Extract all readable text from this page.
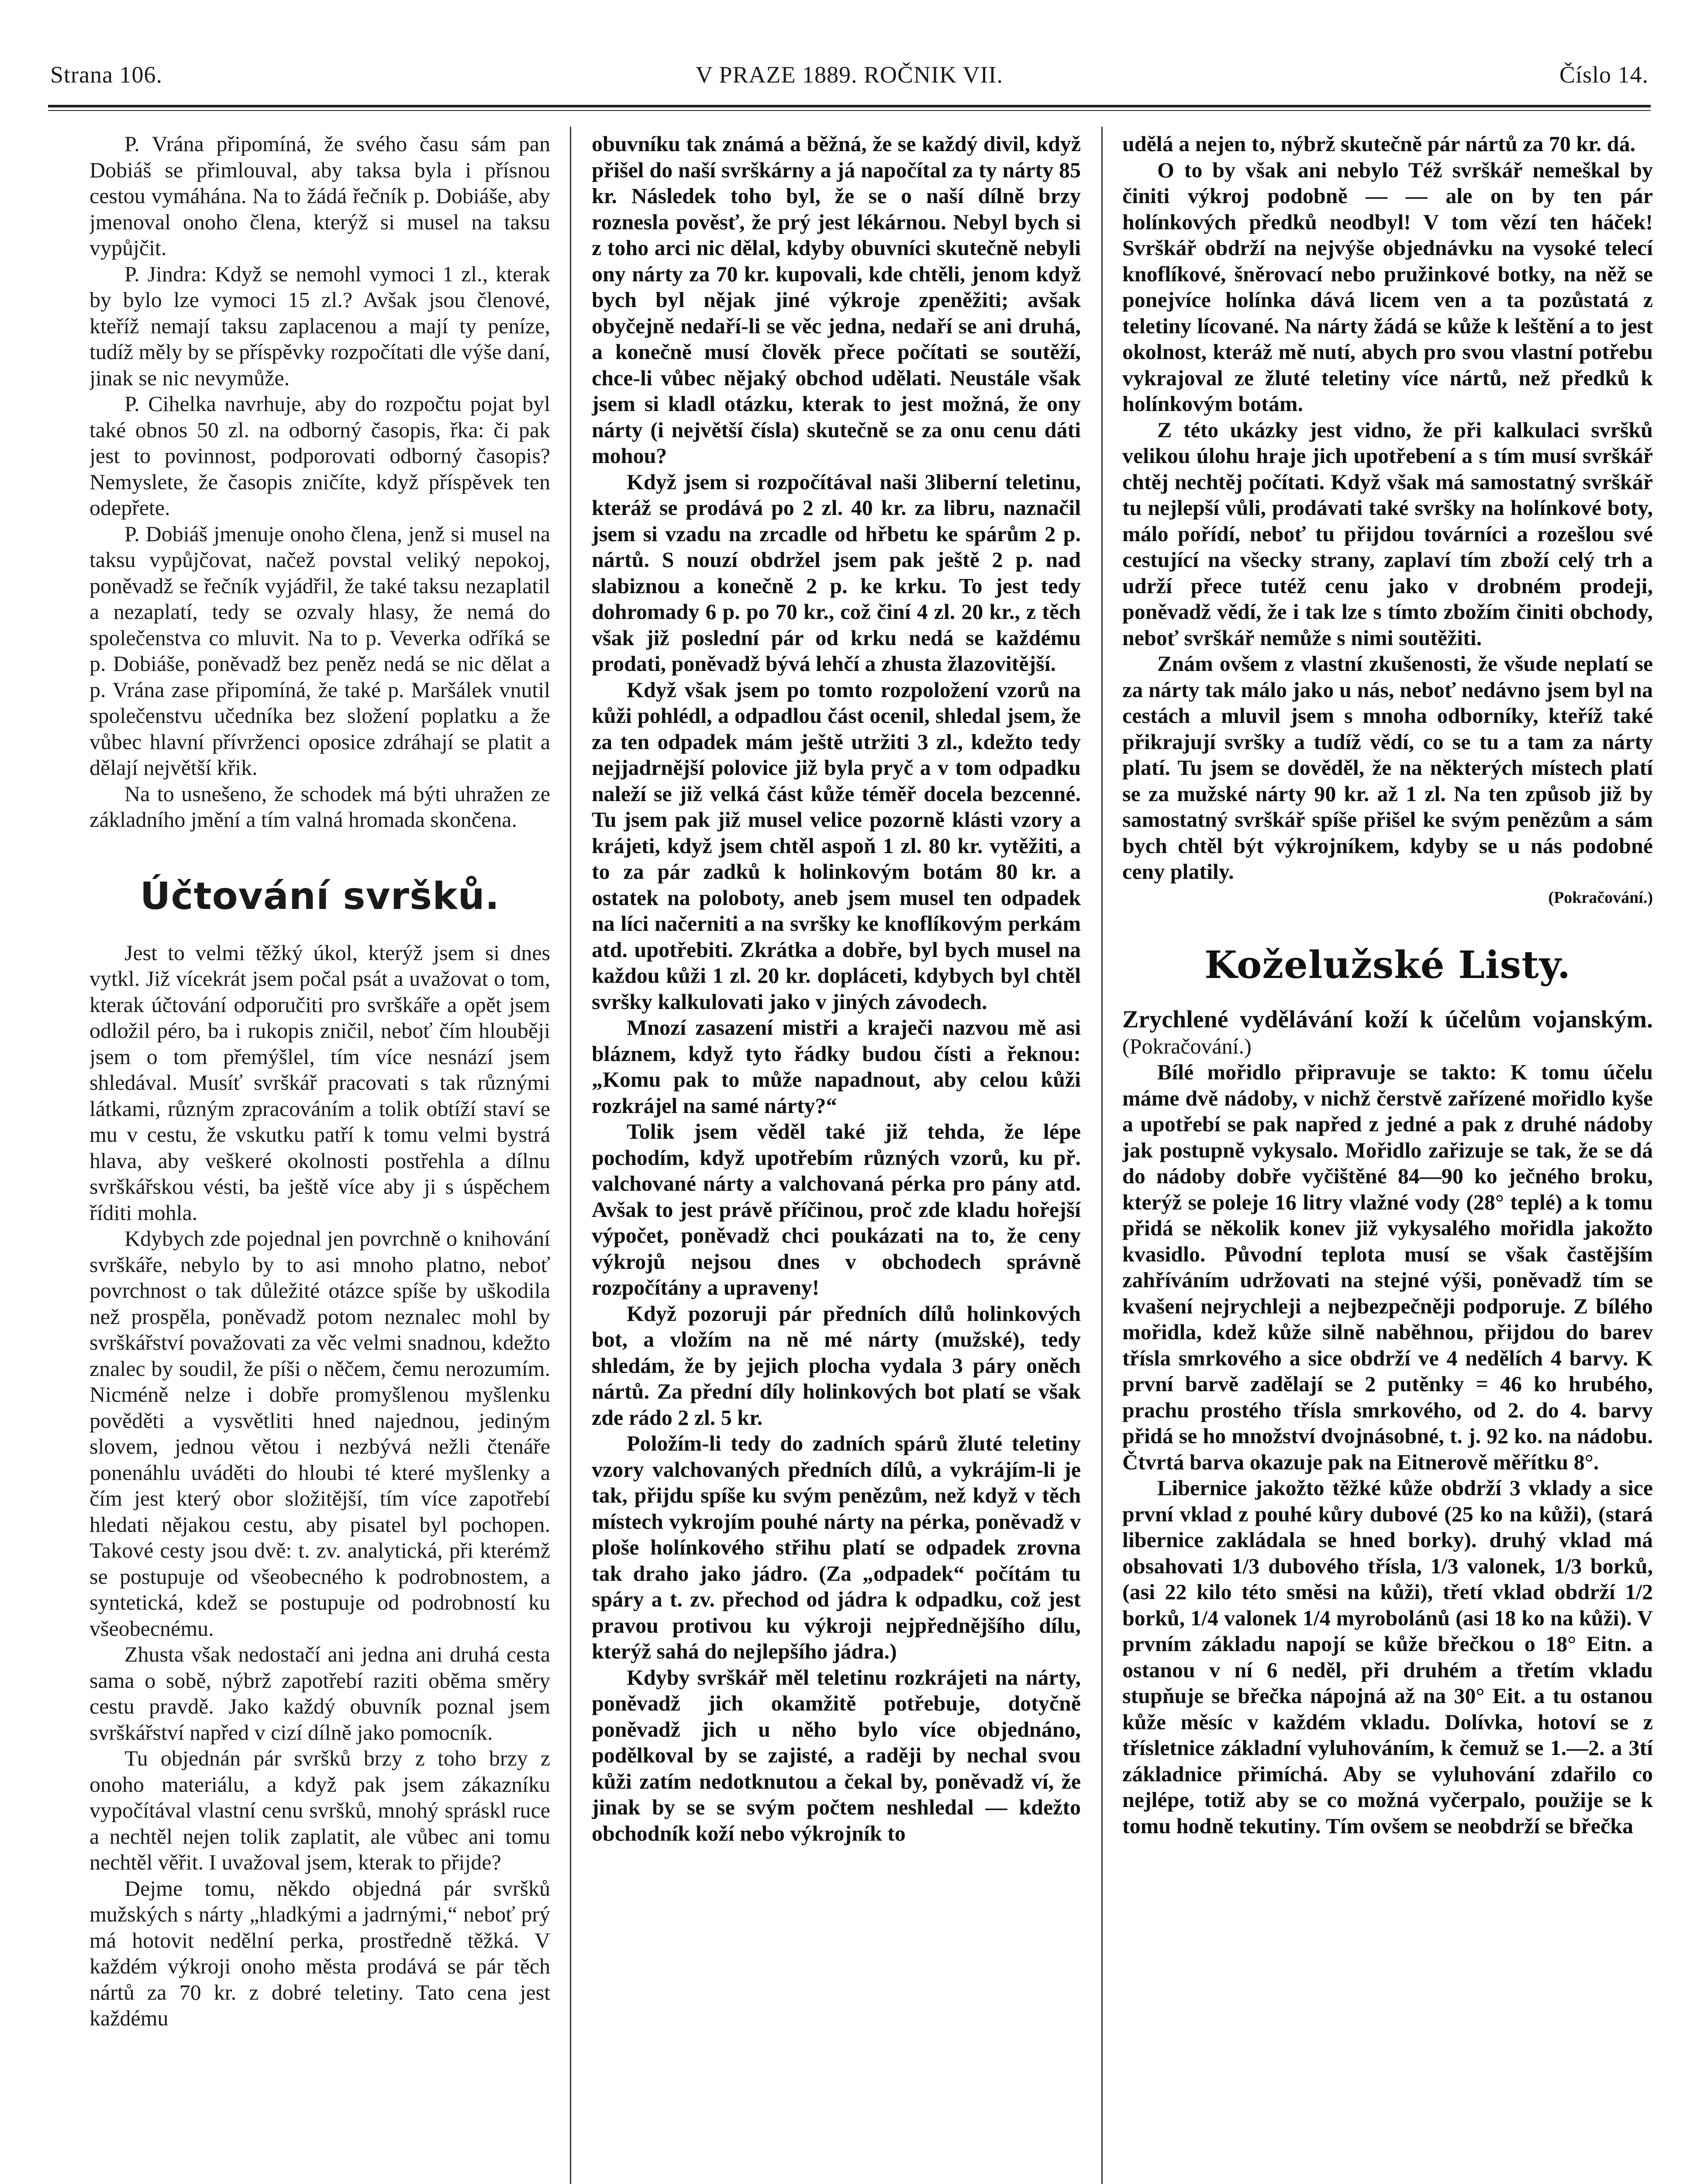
Strana 106.	V PRAZE 1889. ROČNIK VII.	Číslo 14.

P. Vrána připomíná, že svého času sám pan Dobiáš se přimlouval, aby taksa byla i přísnou cestou vymáhána. Na to žádá řečník p. Dobiáše, aby jmenoval onoho člena, kterýž si musel na taksu vypůjčit.

P. Jindra: Když se nemohl vymoci 1 zl., kterak by bylo lze vymoci 15 zl.? Avšak jsou členové, kteříž nemají taksu zaplacenou a mají ty peníze, tudíž měly by se příspěvky rozpočítati dle výše daní, jinak se nic nevymůže.

P. Cihelka navrhuje, aby do rozpočtu pojat byl také obnos 50 zl. na odborný časopis, řka: či pak jest to povinnost, podporovati odborný časopis? Nemyslete, že časopis zničíte, když příspěvek ten odepřete.

P. Dobiáš jmenuje onoho člena, jenž si musel na taksu vypůjčovat, načež povstal veliký nepokoj, poněvadž se řečník vyjádřil, že také taksu nezaplatil a nezaplatí, tedy se ozvaly hlasy, že nemá do společenstva co mluvit. Na to p. Veverka odříká se p. Dobiáše, poněvadž bez peněz nedá se nic dělat a p. Vrána zase připomíná, že také p. Maršálek vnutil společenstvu učedníka bez složení poplatku a že vůbec hlavní přívrženci oposice zdráhají se platit a dělají největší křik.

Na to usnešeno, že schodek má býti uhražen ze základního jmění a tím valná hromada skončena.

Účtování svršků.

Jest to velmi těžký úkol, kterýž jsem si dnes vytkl. Již vícekrát jsem počal psát a uvažovat o tom, kterak účtování odporučiti pro svrškáře a opět jsem odložil péro, ba i rukopis zničil, neboť čím hlouběji jsem o tom přemýšlel, tím více nesnází jsem shledával. Musíť svrškář pracovati s tak různými látkami, různým zpracováním a tolik obtíží staví se mu v cestu, že vskutku patří k tomu velmi bystrá hlava, aby veškeré okolnosti postřehla a dílnu svrškářskou vésti, ba ještě více aby ji s úspěchem říditi mohla.

Kdybych zde pojednal jen povrchně o knihování svrškáře, nebylo by to asi mnoho platno, neboť povrchnost o tak důležité otázce spíše by uškodila než prospěla, poněvadž potom neznalec mohl by svrškářství považovati za věc velmi snadnou, kdežto znalec by soudil, že píši o něčem, čemu nerozumím. Nicméně nelze i dobře promyšlenou myšlenku pověděti a vysvětliti hned najednou, jediným slovem, jednou větou i nezbývá nežli čtenáře ponenáhlu uváděti do hloubi té které myšlenky a čím jest který obor složitější, tím více zapotřebí hledati nějakou cestu, aby pisatel byl pochopen. Takové cesty jsou dvě: t. zv. analytická, při kterémž se postupuje od všeobecného k podrobnostem, a syntetická, kdež se postupuje od podrobností ku všeobecnému.

Zhusta však nedostačí ani jedna ani druhá cesta sama o sobě, nýbrž zapotřebí raziti oběma směry cestu pravdě. Jako každý obuvník poznal jsem svrškářství napřed v cizí dílně jako pomocník.

Tu objednán pár svršků brzy z toho brzy z onoho materiálu, a když pak jsem zákazníku vypočítával vlastní cenu svršků, mnohý spráskl ruce a nechtěl nejen tolik zaplatit, ale vůbec ani tomu nechtěl věřit. I uvažoval jsem, kterak to přijde?

Dejme tomu, někdo objedná pár svršků mužských s nárty „hladkými a jadrnými,“ neboť prý má hotovit nedělní perka, prostředně těžká. V každém výkroji onoho města prodává se pár těch nártů za 70 kr. z dobré teletiny. Tato cena jest každému

obuvníku tak známá a běžná, že se každý divil, když přišel do naší svrškárny a já napočítal za ty nárty 85 kr. Následek toho byl, že se o naší dílně brzy roznesla pověsť, že prý jest lékárnou. Nebyl bych si z toho arci nic dělal, kdyby obuvníci skutečně nebyli ony nárty za 70 kr. kupovali, kde chtěli, jenom když bych byl nějak jiné výkroje zpeněžiti; avšak obyčejně nedaří-li se věc jedna, nedaří se ani druhá, a konečně musí člověk přece počítati se soutěží, chce-li vůbec nějaký obchod udělati. Neustále však jsem si kladl otázku, kterak to jest možná, že ony nárty (i největší čísla) skutečně se za onu cenu dáti mohou?

Když jsem si rozpočítával naši 3liberní teletinu, kteráž se prodává po 2 zl. 40 kr. za libru, naznačil jsem si vzadu na zrcadle od hřbetu ke spárům 2 p. nártů. S nouzí obdržel jsem pak ještě 2 p. nad slabiznou a konečně 2 p. ke krku. To jest tedy dohromady 6 p. po 70 kr., což činí 4 zl. 20 kr., z těch však již poslední pár od krku nedá se každému prodati, poněvadž bývá lehčí a zhusta žlazovitější.

Když však jsem po tomto rozpoložení vzorů na kůži pohlédl, a odpadlou část ocenil, shledal jsem, že za ten odpadek mám ještě utržiti 3 zl., kdežto tedy nejjadrnější polovice již byla pryč a v tom odpadku naleží se již velká část kůže téměř docela bezcenné. Tu jsem pak již musel velice pozorně klásti vzory a krájeti, když jsem chtěl aspoň 1 zl. 80 kr. vytěžiti, a to za pár zadků k holinkovým botám 80 kr. a ostatek na poloboty, aneb jsem musel ten odpadek na líci načerniti a na svršky ke knoflíkovým perkám atd. upotřebiti. Zkrátka a dobře, byl bych musel na každou kůži 1 zl. 20 kr. dopláceti, kdybych byl chtěl svršky kalkulovati jako v jiných závodech.

Mnozí zasazení mistři a kraječi nazvou mě asi bláznem, když tyto řádky budou čísti a řeknou: „Komu pak to může napadnout, aby celou kůži rozkrájel na samé nárty?“

Tolik jsem věděl také již tehda, že lépe pochodím, když upotřebím různých vzorů, ku př. valchované nárty a valchovaná pérka pro pány atd. Avšak to jest právě příčinou, proč zde kladu hořejší výpočet, poněvadž chci poukázati na to, že ceny výkrojů nejsou dnes v obchodech správně rozpočítány a upraveny!

Když pozoruji pár předních dílů holinkových bot, a vložím na ně mé nárty (mužské), tedy shledám, že by jejich plocha vydala 3 páry oněch nártů. Za přední díly holinkových bot platí se však zde rádo 2 zl. 5 kr.

Položím-li tedy do zadních spárů žluté teletiny vzory valchovaných předních dílů, a vykrájím-li je tak, přijdu spíše ku svým penězům, než když v těch místech vykrojím pouhé nárty na pérka, poněvadž v ploše holínkového střihu platí se odpadek zrovna tak draho jako jádro. (Za „odpadek“ počítám tu spáry a t. zv. přechod od jádra k odpadku, což jest pravou protivou ku výkroji nejpřednějšího dílu, kterýž sahá do nejlepšího jádra.)

Kdyby svrškář měl teletinu rozkrájeti na nárty, poněvadž jich okamžitě potřebuje, dotyčně poněvadž jich u něho bylo více objednáno, podělkoval by se zajisté, a raději by nechal svou kůži zatím nedotknutou a čekal by, poněvadž ví, že jinak by se se svým počtem neshledal — kdežto obchodník koží nebo výkrojník to

udělá a nejen to, nýbrž skutečně pár nártů za 70 kr. dá.

O to by však ani nebylo Též svrškář nemeškal by činiti výkroj podobně — — ale on by ten pár holínkových předků neodbyl! V tom vězí ten háček! Svrškář obdrží na nejvýše objednávku na vysoké telecí knoflíkové, šněrovací nebo pružinkové botky, na něž se ponejvíce holínka dává licem ven a ta pozůstatá z teletiny lícované. Na nárty žádá se kůže k leštění a to jest okolnost, kteráž mě nutí, abych pro svou vlastní potřebu vykrajoval ze žluté teletiny více nártů, než předků k holínkovým botám.

Z této ukázky jest vidno, že při kalkulaci svršků velikou úlohu hraje jich upotřebení a s tím musí svrškář chtěj nechtěj počítati. Když však má samostatný svrškář tu nejlepší vůli, prodávati také svršky na holínkové boty, málo pořídí, neboť tu přijdou továrníci a rozešlou své cestující na všecky strany, zaplaví tím zboží celý trh a udrží přece tutéž cenu jako v drobném prodeji, poněvadž vědí, že i tak lze s tímto zbožím činiti obchody, neboť svrškář nemůže s nimi soutěžiti.

Znám ovšem z vlastní zkušenosti, že všude neplatí se za nárty tak málo jako u nás, neboť nedávno jsem byl na cestách a mluvil jsem s mnoha odborníky, kteříž také přikrajují svršky a tudíž vědí, co se tu a tam za nárty platí. Tu jsem se dověděl, že na některých místech platí se za mužské nárty 90 kr. až 1 zl. Na ten způsob již by samostatný svrškář spíše přišel ke svým penězům a sám bych chtěl být výkrojníkem, kdyby se u nás podobné ceny platily.

(Pokračování.)

Koželužské Listy.

Zrychlené vydělávání koží k účelům vojanským. (Pokračování.)

Bílé mořidlo připravuje se takto: K tomu účelu máme dvě nádoby, v nichž čerstvě zařízené mořidlo kyše a upotřebí se pak napřed z jedné a pak z druhé nádoby jak postupně vykysalo. Mořidlo zařizuje se tak, že se dá do nádoby dobře vyčištěné 84—90 ko ječného broku, kterýž se poleje 16 litry vlažné vody (28° teplé) a k tomu přidá se několik konev již vykysalého mořidla jakožto kvasidlo. Původní teplota musí se však častějším zahříváním udržovati na stejné výši, poněvadž tím se kvašení nejrychleji a nejbezpečněji podporuje. Z bílého mořidla, kdež kůže silně naběhnou, přijdou do barev třísla smrkového a sice obdrží ve 4 nedělích 4 barvy. K první barvě zadělají se 2 putěnky = 46 ko hrubého, prachu prostého třísla smrkového, od 2. do 4. barvy přidá se ho množství dvojnásobné, t. j. 92 ko. na nádobu. Čtvrtá barva okazuje pak na Eitnerově měřítku 8°.

Libernice jakožto těžké kůže obdrží 3 vklady a sice první vklad z pouhé kůry dubové (25 ko na kůži), (stará libernice zakládala se hned borky). druhý vklad má obsahovati 1/3 dubového třísla, 1/3 valonek, 1/3 borků, (asi 22 kilo této směsi na kůži), třetí vklad obdrží 1/2 borků, 1/4 valonek 1/4 myrobolánů (asi 18 ko na kůži). V prvním základu napojí se kůže břečkou o 18° Eitn. a ostanou v ní 6 neděl, při druhém a třetím vkladu stupňuje se břečka nápojná až na 30° Eit. a tu ostanou kůže měsíc v každém vkladu. Dolívka, hotoví se z třísletnice základní vyluhováním, k čemuž se 1.—2. a 3tí základnice přimíchá. Aby se vyluhování zdařilo co nejlépe, totiž aby se co možná vyčerpalo, použije se k tomu hodně tekutiny. Tím ovšem se neobdrží se břečka
